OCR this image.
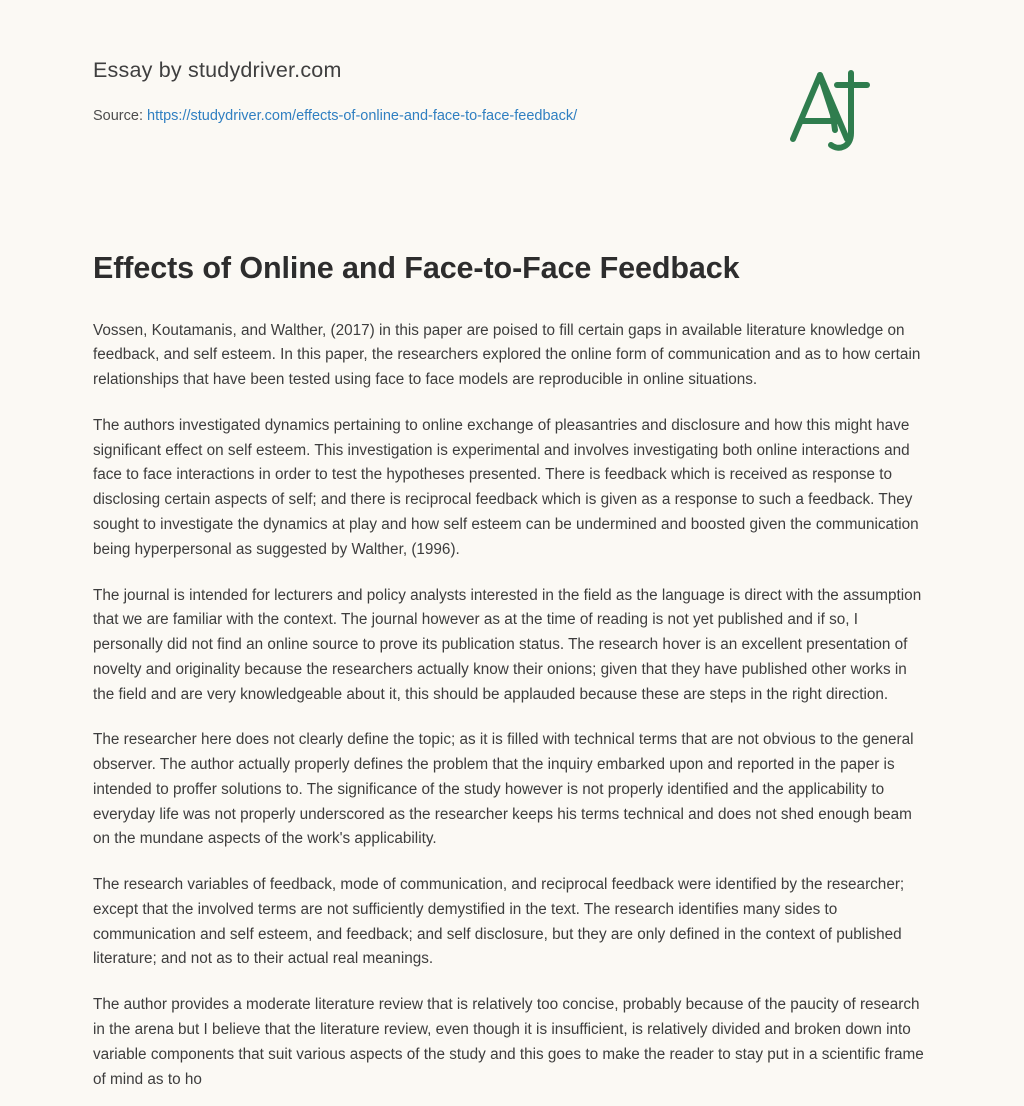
Essay by studydriver.com
Source: https://studydriver.com/effects-of-online-and-face-to-face-feedback/
Effects of Online and Face-to-Face Feedback

Vossen, Koutamanis, and Walther, (2017) in this paper are poised to fill certain gaps in available literature knowledge on feedback, and self esteem. In this paper, the researchers explored the online form of communication and as to how certain relationships that have been tested using face to face models are reproducible in online situations.

The authors investigated dynamics pertaining to online exchange of pleasantries and disclosure and how this might have significant effect on self esteem. This investigation is experimental and involves investigating both online interactions and face to face interactions in order to test the hypotheses presented. There is feedback which is received as response to disclosing certain aspects of self; and there is reciprocal feedback which is given as a response to such a feedback. They sought to investigate the dynamics at play and how self esteem can be undermined and boosted given the communication being hyperpersonal as suggested by Walther, (1996).

The journal is intended for lecturers and policy analysts interested in the field as the language is direct with the assumption that we are familiar with the context. The journal however as at the time of reading is not yet published and if so, I personally did not find an online source to prove its publication status. The research hover is an excellent presentation of novelty and originality because the researchers actually know their onions; given that they have published other works in the field and are very knowledgeable about it, this should be applauded because these are steps in the right direction.

The researcher here does not clearly define the topic; as it is filled with technical terms that are not obvious to the general observer. The author actually properly defines the problem that the inquiry embarked upon and reported in the paper is intended to proffer solutions to. The significance of the study however is not properly identified and the applicability to everyday life was not properly underscored as the researcher keeps his terms technical and does not shed enough beam on the mundane aspects of the work's applicability.

The research variables of feedback, mode of communication, and reciprocal feedback were identified by the researcher; except that the involved terms are not sufficiently demystified in the text. The research identifies many sides to communication and self esteem, and feedback; and self disclosure, but they are only defined in the context of published literature; and not as to their actual real meanings.

The author provides a moderate literature review that is relatively too concise, probably because of the paucity of research in the arena but I believe that the literature review, even though it is insufficient, is relatively divided and broken down into variable components that suit various aspects of the study and this goes to make the reader to stay put in a scientific frame of mind as to ho
